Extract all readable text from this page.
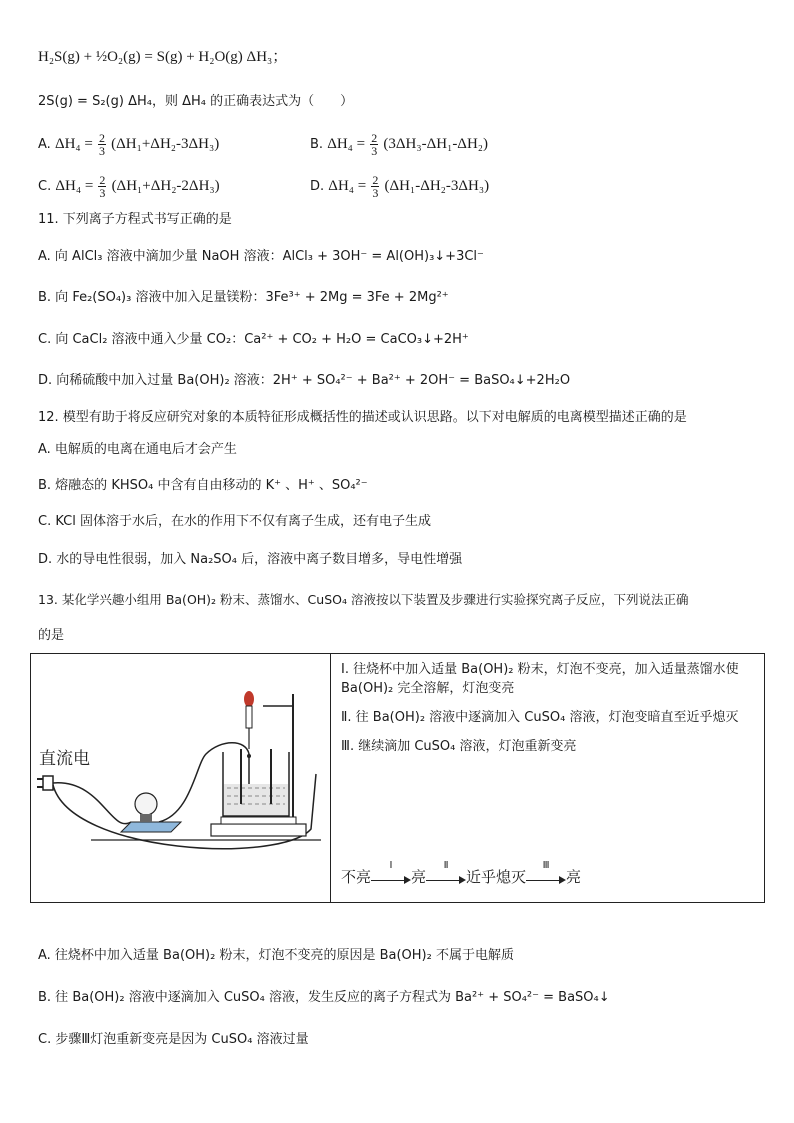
H₂S(g) + ½O₂(g) = S(g) + H₂O(g) ΔH₃；
2S(g) = S₂(g) ΔH₄，则 ΔH₄ 的正确表达式为（　　）
A. $\Delta H_4 = \frac{2}{3} (\Delta H_1+\Delta H_2-3\Delta H_3)$	B. $\Delta H_4 = \frac{2}{3} (3\Delta H_3-\Delta H_1-\Delta H_2)$
C. $\Delta H_4 = \frac{2}{3} (\Delta H_1+\Delta H_2-2\Delta H_3)$	D. $\Delta H_4 = \frac{2}{3} (\Delta H_1-\Delta H_2-3\Delta H_3)$
11. 下列离子方程式书写正确的是
A. 向 AlCl₃ 溶液中滴加少量 NaOH 溶液：AlCl₃ + 3OH⁻ = Al(OH)₃↓+3Cl⁻
B. 向 Fe₂(SO₄)₃ 溶液中加入足量镁粉：3Fe³⁺ + 2Mg = 3Fe + 2Mg²⁺
C. 向 CaCl₂ 溶液中通入少量 CO₂：Ca²⁺ + CO₂ + H₂O = CaCO₃↓+2H⁺
D. 向稀硫酸中加入过量 Ba(OH)₂ 溶液：2H⁺ + SO₄²⁻ + Ba²⁺ + 2OH⁻ = BaSO₄↓+2H₂O
12. 模型有助于将反应研究对象的本质特征形成概括性的描述或认识思路。以下对电解质的电离模型描述正确的是
A. 电解质的电离在通电后才会产生
B. 熔融态的 KHSO₄ 中含有自由移动的 K⁺ 、H⁺ 、SO₄²⁻
C. KCl 固体溶于水后，在水的作用下不仅有离子生成，还有电子生成
D. 水的导电性很弱，加入 Na₂SO₄ 后，溶液中离子数目增多，导电性增强
13. 某化学兴趣小组用 Ba(OH)₂ 粉末、蒸馏水、CuSO₄ 溶液按以下装置及步骤进行实验探究离子反应，下列说法正确
的是
直流电

Ⅰ. 往烧杯中加入适量 Ba(OH)₂ 粉末，灯泡不变亮，加入适量蒸馏水使 Ba(OH)₂ 完全溶解，灯泡变亮

Ⅱ. 往 Ba(OH)₂ 溶液中逐滴加入 CuSO₄ 溶液，灯泡变暗直至近乎熄灭

Ⅲ. 继续滴加 CuSO₄ 溶液，灯泡重新变亮

不亮Ⅰ亮Ⅱ近乎熄灭Ⅲ亮
A. 往烧杯中加入适量 Ba(OH)₂ 粉末，灯泡不变亮的原因是 Ba(OH)₂ 不属于电解质
B. 往 Ba(OH)₂ 溶液中逐滴加入 CuSO₄ 溶液，发生反应的离子方程式为 Ba²⁺ + SO₄²⁻ = BaSO₄↓
C. 步骤Ⅲ灯泡重新变亮是因为 CuSO₄ 溶液过量
